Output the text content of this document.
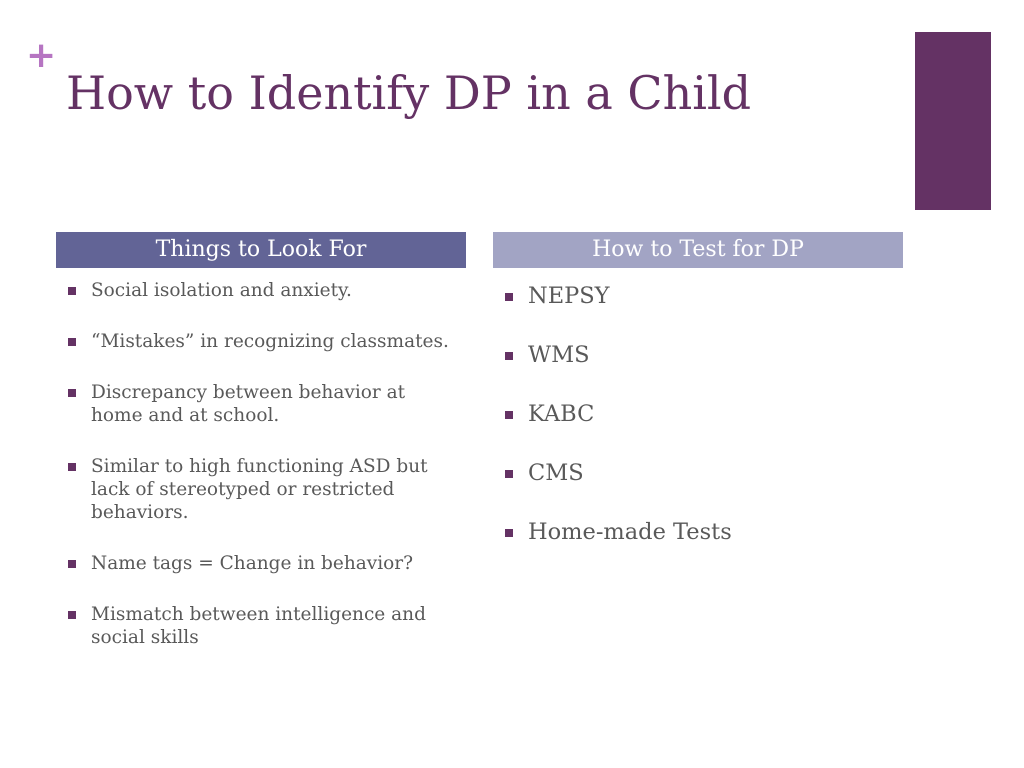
+
How to Identify DP in a Child
Things to Look For	How to Test for DP
Social isolation and anxiety.
“Mistakes” in recognizing classmates.
Discrepancy between behavior at home and at school.
Similar to high functioning ASD but lack of stereotyped or restricted behaviors.
Name tags = Change in behavior?
Mismatch between intelligence and social skills
NEPSY
WMS
KABC
CMS
Home-made Tests
